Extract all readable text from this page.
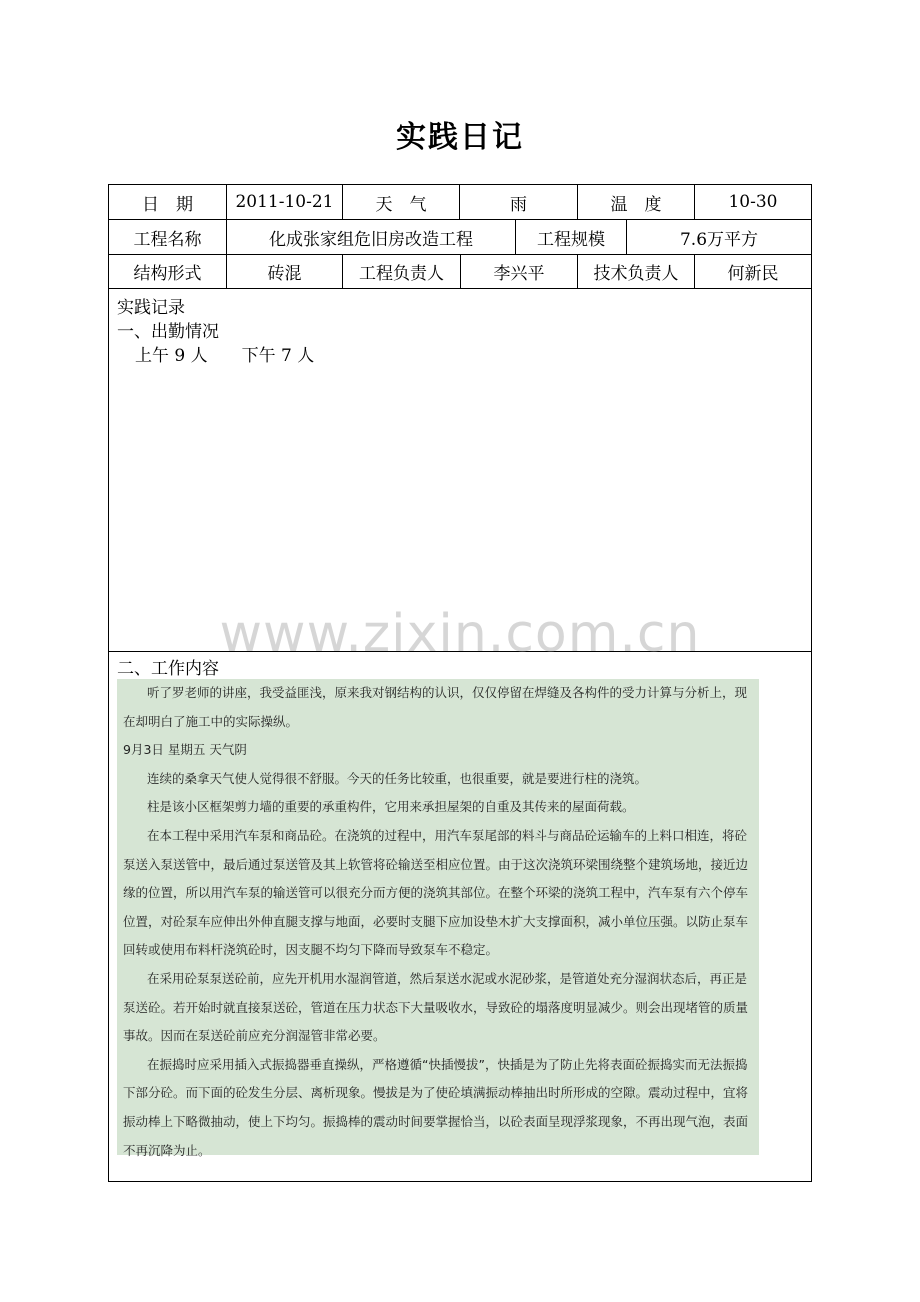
实践日记
日　期	2011-10-21	天　气	雨	温　度	10-30
工程名称	化成张家组危旧房改造工程	工程规模	7.6万平方
结构形式	砖混	工程负责人	李兴平	技术负责人	何新民
实践记录
一、出勤情况
上午 9 人　　下午 7 人
二、工作内容

听了罗老师的讲座，我受益匪浅，原来我对钢结构的认识，仅仅停留在焊缝及各构件的受力计算与分析上，现在却明白了施工中的实际操纵。

9月3日 星期五 天气阴

连续的桑拿天气使人觉得很不舒服。今天的任务比较重，也很重要，就是要进行柱的浇筑。

柱是该小区框架剪力墙的重要的承重构件，它用来承担屋架的自重及其传来的屋面荷载。

在本工程中采用汽车泵和商品砼。在浇筑的过程中，用汽车泵尾部的料斗与商品砼运输车的上料口相连，将砼泵送入泵送管中，最后通过泵送管及其上软管将砼输送至相应位置。由于这次浇筑环梁围绕整个建筑场地，接近边缘的位置，所以用汽车泵的输送管可以很充分而方便的浇筑其部位。在整个环梁的浇筑工程中，汽车泵有六个停车位置，对砼泵车应伸出外伸直腿支撑与地面，必要时支腿下应加设垫木扩大支撑面积，减小单位压强。以防止泵车回转或使用布料杆浇筑砼时，因支腿不均匀下降而导致泵车不稳定。

在采用砼泵泵送砼前，应先开机用水湿润管道，然后泵送水泥或水泥砂浆，是管道处充分湿润状态后，再正是泵送砼。若开始时就直接泵送砼，管道在压力状态下大量吸收水，导致砼的塌落度明显减少。则会出现堵管的质量事故。因而在泵送砼前应充分润湿管非常必要。

在振捣时应采用插入式振捣器垂直操纵，严格遵循“快插慢拔”，快插是为了防止先将表面砼振捣实而无法振捣下部分砼。而下面的砼发生分层、离析现象。慢拔是为了使砼填满振动棒抽出时所形成的空隙。震动过程中，宜将振动棒上下略微抽动，使上下均匀。振捣棒的震动时间要掌握恰当，以砼表面呈现浮浆现象，不再出现气泡，表面不再沉降为止。

www.zixin.com.cn
